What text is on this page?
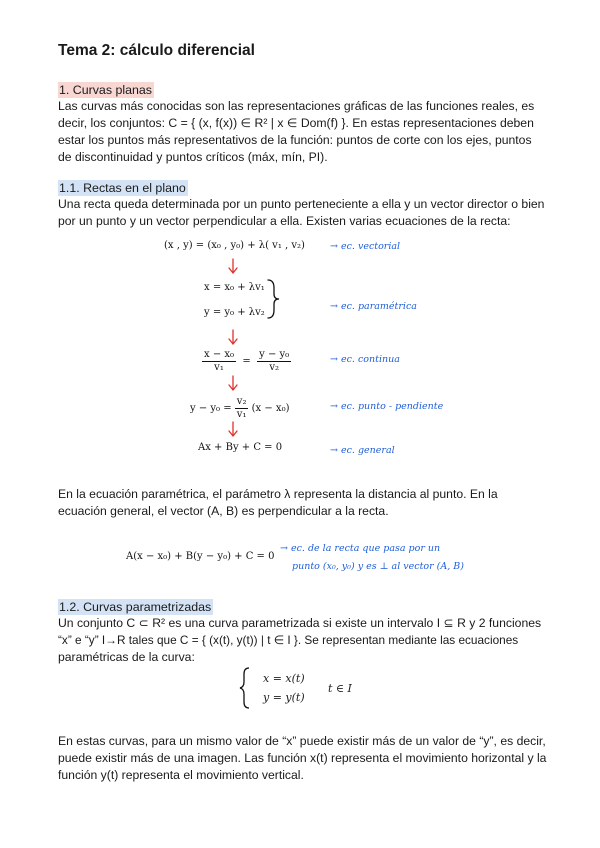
Tema 2: cálculo diferencial
1. Curvas planas
Las curvas más conocidas son las representaciones gráficas de las funciones reales, es
decir, los conjuntos: C = { (x, f(x)) ∈ R² | x ∈ Dom(f) }. En estas representaciones deben
estar los puntos más representativos de la función: puntos de corte con los ejes, puntos
de discontinuidad y puntos críticos (máx, mín, PI).
1.1. Rectas en el plano
Una recta queda determinada por un punto perteneciente a ella y un vector director o bien
por un punto y un vector perpendicular a ella. Existen varias ecuaciones de la recta:
(x , y) = (x₀ , y₀) + λ( v₁ , v₂)
x = x₀ + λv₁
y = y₀ + λv₂
$\frac{\text{x − x₀}}{\text{v₁}} = \frac{\text{y − y₀}}{\text{v₂}}$
$y - y_0 = \frac{\text{v₂}}{\text{v₁}} (x - x_0)$
Ax + By + C = 0
→ ec. vectorial
→ ec. paramétrica
→ ec. continua
→ ec. punto - pendiente
→ ec. general
En la ecuación paramétrica, el parámetro λ representa la distancia al punto. En la
ecuación general, el vector (A, B) es perpendicular a la recta.
A(x − x₀) + B(y − y₀) + C = 0
→ ec. de la recta que pasa por un
punto (x₀, y₀) y es ⊥ al vector (A, B)
1.2. Curvas parametrizadas
Un conjunto C ⊂ R² es una curva parametrizada si existe un intervalo I ⊆ R y 2 funciones
“x” e “y” I→R tales que C = { (x(t), y(t)) | t ∈ I }. Se representan mediante las ecuaciones
paramétricas de la curva:
x = x(t)
y = y(t)
t ∈ I
En estas curvas, para un mismo valor de “x” puede existir más de un valor de “y”, es decir,
puede existir más de una imagen. Las función x(t) representa el movimiento horizontal y la
función y(t) representa el movimiento vertical.
